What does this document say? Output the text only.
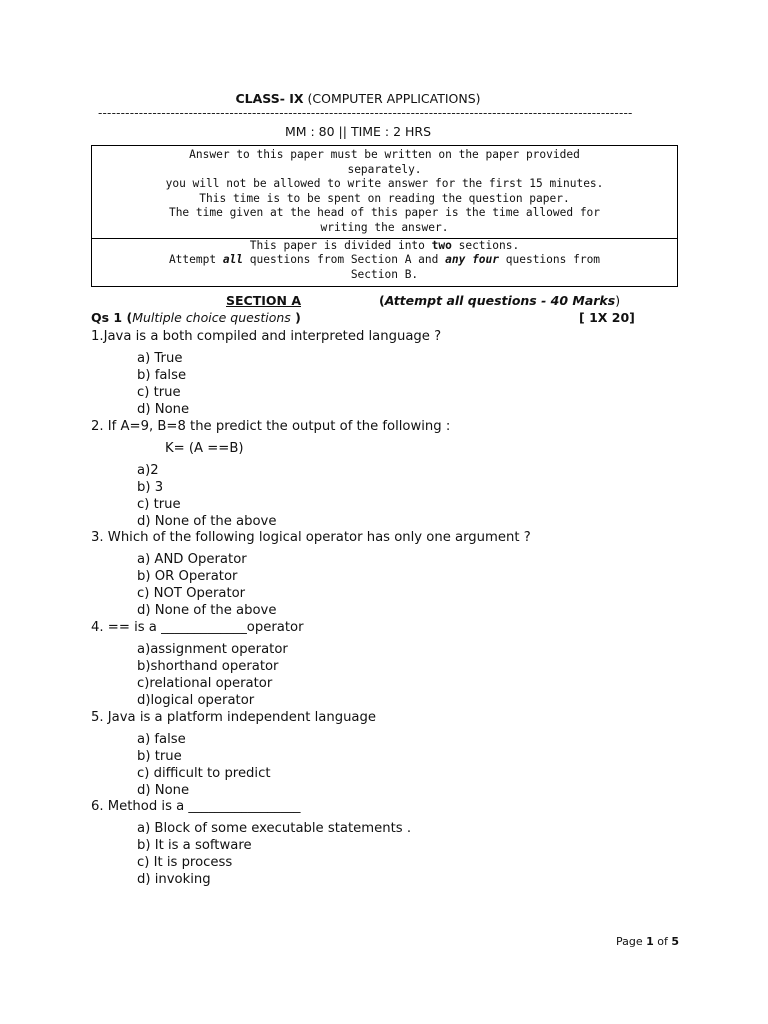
CLASS- IX (COMPUTER APPLICATIONS)
----------------------------------------------------------------------------------------------------------------------
MM : 80 || TIME : 2 HRS
Answer to this paper must be written on the paper provided
separately.
you will not be allowed to write answer for the first 15 minutes.
This time is to be spent on reading the question paper.
The time given at the head of this paper is the time allowed for
writing the answer.
This paper is divided into two sections.
Attempt all questions from Section A and any four questions from
Section B.
SECTION A	(Attempt all questions - 40 Marks)
Qs 1 (Multiple choice questions )	[ 1X 20]
1.Java is a both compiled and interpreted language ?
a) True
b) false
c) true
d) None
2. If A=9, B=8 the predict the output of the following :
K= (A ==B)
a)2
b) 3
c) true
d) None of the above
3. Which of the following logical operator has only one argument ?
a) AND Operator
b) OR Operator
c) NOT Operator
d) None of the above
4. == is a _____________operator
a)assignment operator
b)shorthand operator
c)relational operator
d)logical operator
5. Java is a platform independent language
a) false
b) true
c) difficult to predict
d) None
6. Method is a _________________
a) Block of some executable statements .
b) It is a software
c) It is process
d) invoking
Page 1 of 5
